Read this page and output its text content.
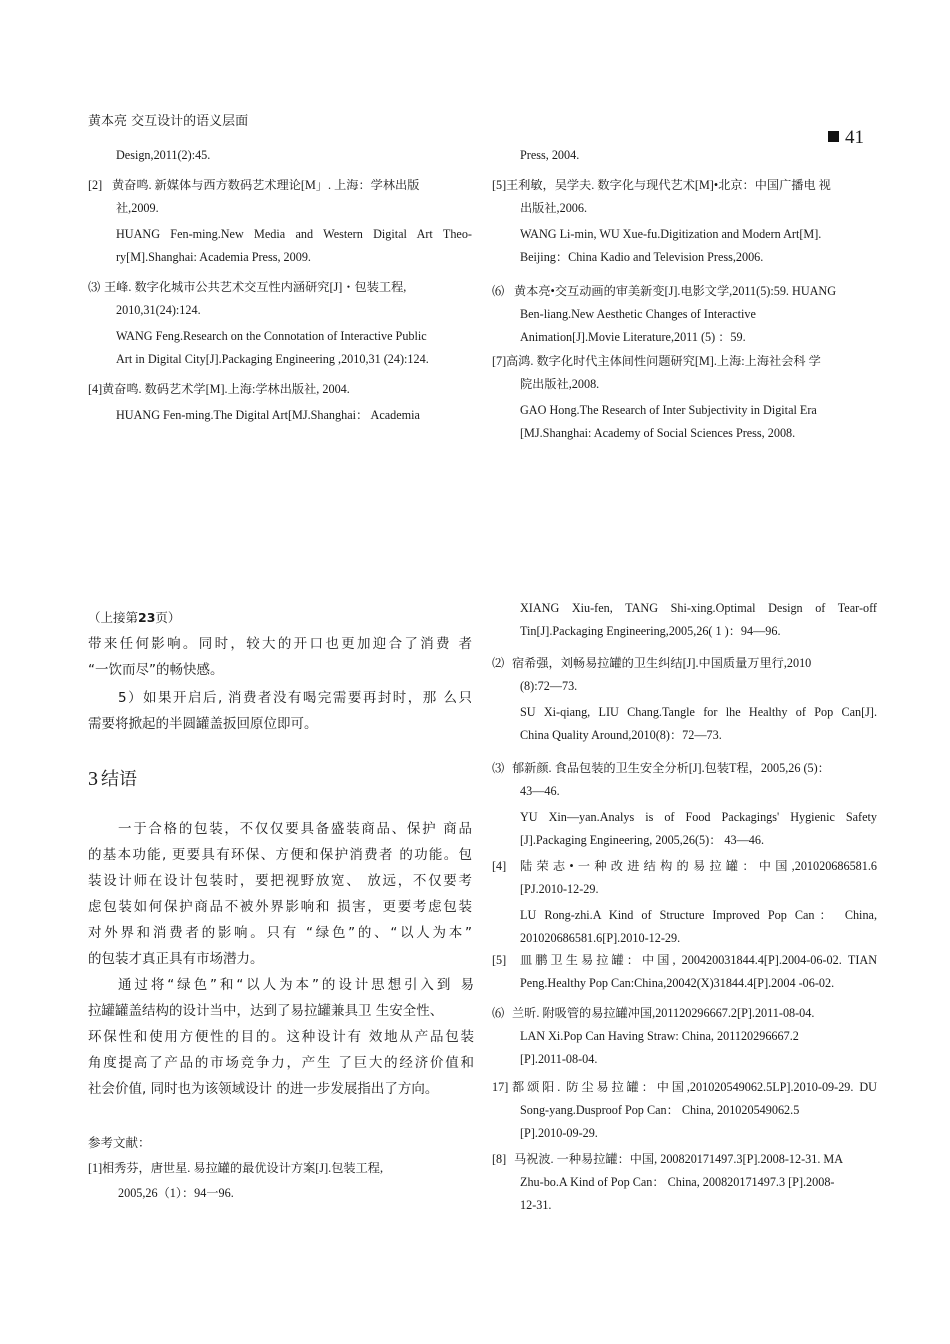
黄本亮 交互设计的语义层面
41

Design,2011(2):45.

[2] 黄奋鸣. 新媒体与西方数码艺术理论[M」. 上海：学林出版

社,2009.

HUANG Fen-ming.New Media and Western Digital Art Theo-

ry[M].Shanghai: Academia Press, 2009.

⑶ 王峰. 数字化城市公共艺术交互性内涵研究[J]・包装工程,

2010,31(24):124.

WANG Feng.Research on the Connotation of Interactive Public

Art in Digital City[J].Packaging Engineering ,2010,31 (24):124.

[4] 黄奋鸣. 数码艺术学[M].上海:学林出版社, 2004.

HUANG Fen-ming.The Digital Art[MJ.Shanghai： Academia

Press, 2004.

[5] 王利敏，吴学夫. 数字化与现代艺术[M]•北京：中国广播电 视

出版社,2006.

WANG Li-min, WU Xue-fu.Digitization and Modern Art[M].

Beijing：China Kadio and Television Press,2006.

⑹ 黄本亮•交互动画的审美新变[J].电影文学,2011(5):59. HUANG

Ben-liang.New Aesthetic Changes of Interactive

Animation[J].Movie Literature,2011 (5) ：59.

[7] 高鸿. 数字化时代主体间性问题研究[M].上海:上海社会科 学

院出版社,2008.

GAO Hong.The Research of Inter Subjectivity in Digital Era

[MJ.Shanghai: Academy of Social Sciences Press, 2008.

（上接第23页）

带来任何影响。同时，较大的开口也更加迎合了消费 者

“一饮而尽”的畅快感。

5）如果开启后, 消费者没有喝完需要再封时，那 么只

需要将掀起的半圆罐盖扳回原位即可。

3 结语

一于合格的包装，不仅仅要具备盛装商品、保护 商品

的基本功能, 更要具有环保、方便和保护消费者 的功能。包

装设计师在设计包装时，要把视野放宽、 放远，不仅要考

虑包装如何保护商品不被外界影响和 损害，更要考虑包装

对外界和消费者的影响。只有 “绿色”的、“以人为本”

的包装才真正具有市场潜力。

通过将“绿色”和“以人为本”的设计思想引入到 易

拉罐罐盖结构的设计当中，达到了易拉罐兼具卫 生安全性、

环保性和使用方便性的目的。这种设计有 效地从产品包装

角度提高了产品的市场竞争力，产生 了巨大的经济价值和

社会价值, 同时也为该领域设计 的进一步发展指出了方向。

参考文献：
[1] 相秀芬，唐世星. 易拉罐的最优设计方案[J].包装工程,

2005,26（1）：94一96.

XIANG Xiu-fen, TANG Shi-xing.Optimal Design of Tear-off

Tin[J].Packaging Engineering,2005,26( 1 )：94—96.

⑵ 宿希强，刘畅易拉罐的卫生纠结[J].中国质量万里行,2010

(8):72—73.

SU Xi-qiang, LIU Chang.Tangle for lhe Healthy of Pop Can[J].

China Quality Around,2010(8)：72—73.

⑶ 郁新颜. 食品包装的卫生安全分析[J].包装T程，2005,26 (5)：

43—46.

YU Xin—yan.Analys is of Food Packagings' Hygienic Safety

[J].Packaging Engineering, 2005,26(5)： 43—46.

[4]	陆荣志•一种改进结构的易拉罐：中国,201020686581.6

[PJ.2010-12-29.

LU Rong-zhi.A Kind of Structure Improved Pop Can： China,

201020686581.6[P].2010-12-29.

[5]	皿鹏卫生易拉罐：中国, 200420031844.4[P].2004-06-02. TIAN

Peng.Healthy Pop Can:China,20042(X)31844.4[P].2004 -06-02.

⑹ 兰昕. 附吸管的易拉罐冲国,201120296667.2[P].2011-08-04.

LAN Xi.Pop Can Having Straw: China, 201120296667.2

[P].2011-08-04.

17] 都颂阳. 防尘易拉罐：中国,201020549062.5LP].2010-09-29. DU

Song-yang.Dusproof Pop Can： China, 201020549062.5

[P].2010-09-29.

[8] 马祝波. 一种易拉罐：中国, 200820171497.3[P].2008-12-31. MA

Zhu-bo.A Kind of Pop Can： China, 200820171497.3 [P].2008-

12-31.
